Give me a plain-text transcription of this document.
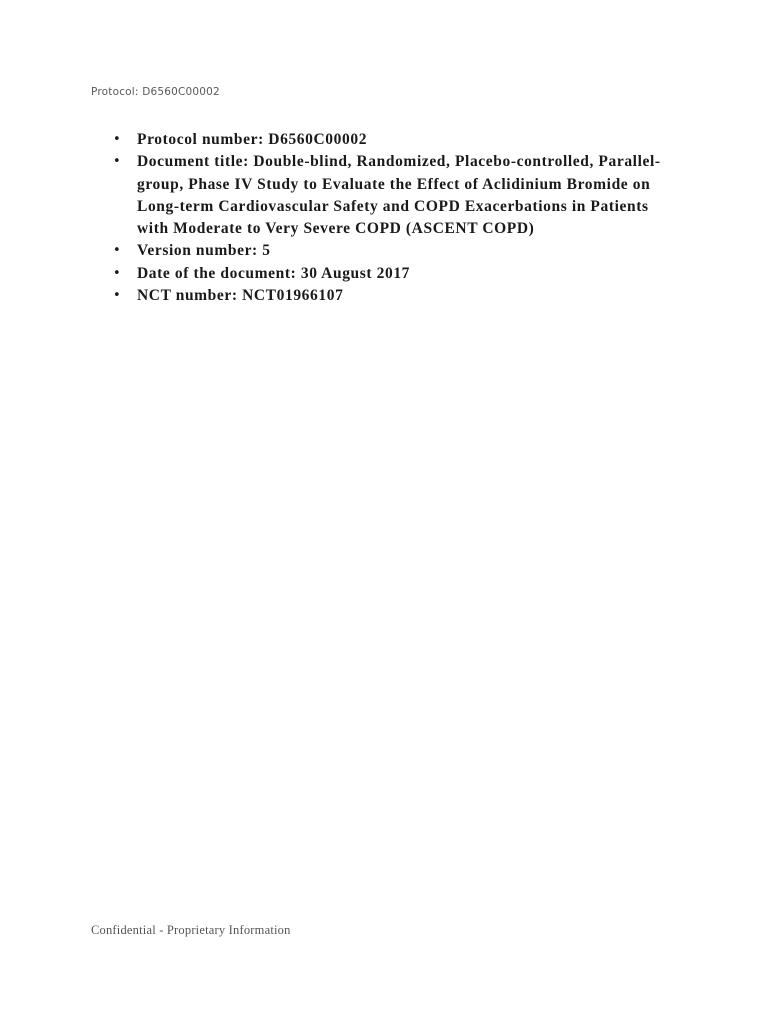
Protocol: D6560C00002
• Protocol number: D6560C00002
• Document title: Double-blind, Randomized, Placebo-controlled, Parallel-group, Phase IV Study to Evaluate the Effect of Aclidinium Bromide on Long-term Cardiovascular Safety and COPD Exacerbations in Patients with Moderate to Very Severe COPD (ASCENT COPD)
• Version number: 5
• Date of the document: 30 August 2017
• NCT number: NCT01966107
Confidential - Proprietary Information
